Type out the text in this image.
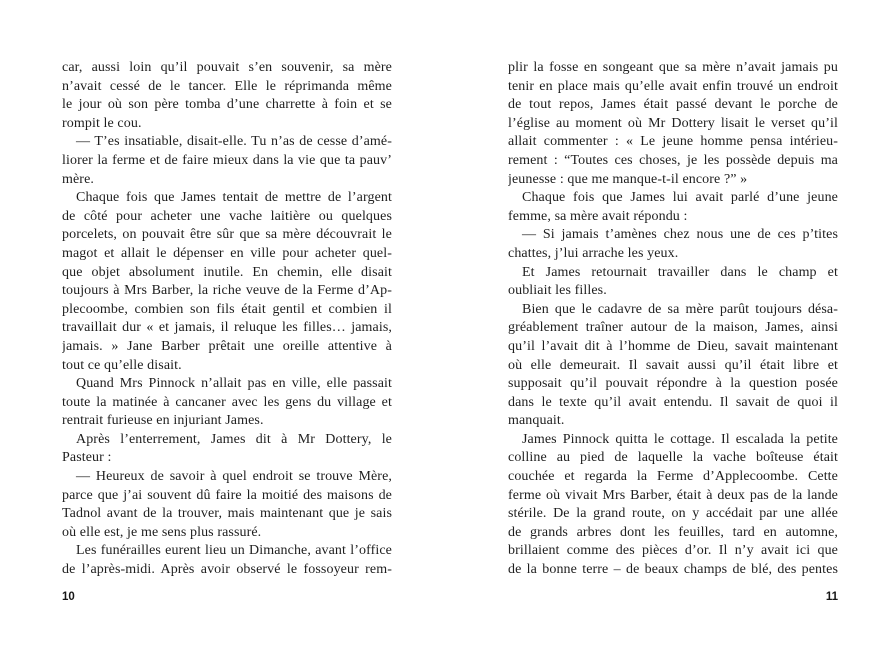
car, aussi loin qu’il pouvait s’en souvenir, sa mère
n’avait cessé de le tancer. Elle le réprimanda même
le jour où son père tomba d’une charrette à foin et se
rompit le cou.
— T’es insatiable, disait-elle. Tu n’as de cesse d’amé-
liorer la ferme et de faire mieux dans la vie que ta pauv’
mère.
Chaque fois que James tentait de mettre de l’argent
de côté pour acheter une vache laitière ou quelques
porcelets, on pouvait être sûr que sa mère découvrait le
magot et allait le dépenser en ville pour acheter quel-
que objet absolument inutile. En chemin, elle disait
toujours à Mrs Barber, la riche veuve de la Ferme d’Ap-
plecoombe, combien son fils était gentil et combien il
travaillait dur « et jamais, il reluque les filles… jamais,
jamais. » Jane Barber prêtait une oreille attentive à
tout ce qu’elle disait.
Quand Mrs Pinnock n’allait pas en ville, elle passait
toute la matinée à cancaner avec les gens du village et
rentrait furieuse en injuriant James.
Après l’enterrement, James dit à Mr Dottery, le
Pasteur :
— Heureux de savoir à quel endroit se trouve Mère,
parce que j’ai souvent dû faire la moitié des maisons de
Tadnol avant de la trouver, mais maintenant que je sais
où elle est, je me sens plus rassuré.
Les funérailles eurent lieu un Dimanche, avant l’office
de l’après-midi. Après avoir observé le fossoyeur rem-
10
plir la fosse en songeant que sa mère n’avait jamais pu
tenir en place mais qu’elle avait enfin trouvé un endroit
de tout repos, James était passé devant le porche de
l’église au moment où Mr Dottery lisait le verset qu’il
allait commenter : « Le jeune homme pensa intérieu-
rement : “Toutes ces choses, je les possède depuis ma
jeunesse : que me manque-t-il encore ?” »
Chaque fois que James lui avait parlé d’une jeune
femme, sa mère avait répondu :
— Si jamais t’amènes chez nous une de ces p’tites
chattes, j’lui arrache les yeux.
Et James retournait travailler dans le champ et
oubliait les filles.
Bien que le cadavre de sa mère parût toujours désa-
gréablement traîner autour de la maison, James, ainsi
qu’il l’avait dit à l’homme de Dieu, savait maintenant
où elle demeurait. Il savait aussi qu’il était libre et
supposait qu’il pouvait répondre à la question posée
dans le texte qu’il avait entendu. Il savait de quoi il
manquait.
James Pinnock quitta le cottage. Il escalada la petite
colline au pied de laquelle la vache boîteuse était
couchée et regarda la Ferme d’Applecoombe. Cette
ferme où vivait Mrs Barber, était à deux pas de la lande
stérile. De la grand route, on y accédait par une allée
de grands arbres dont les feuilles, tard en automne,
brillaient comme des pièces d’or. Il n’y avait ici que
de la bonne terre – de beaux champs de blé, des pentes
11
